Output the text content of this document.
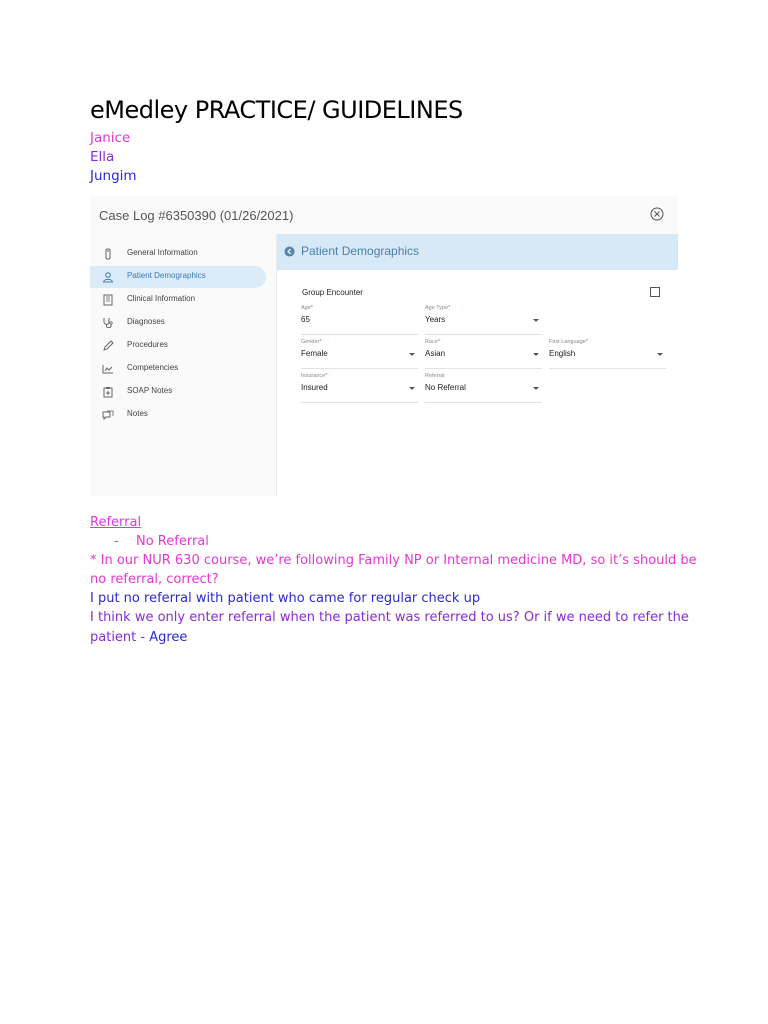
eMedley PRACTICE/ GUIDELINES
Janice
Ella
Jungim
Case Log #6350390 (01/26/2021)
General Information
Patient Demographics
Clinical Information
Diagnoses
Procedures
Competencies
SOAP Notes
Notes
Patient Demographics
Group Encounter
Age*
65
Age Type*
Years
Gender*
Female
Race*
Asian
First Language*
English
Insurance*
Insured
Referral
No Referral
Referral
- No Referral
* In our NUR 630 course, we’re following Family NP or Internal medicine MD, so it’s should be
no referral, correct?
I put no referral with patient who came for regular check up
I think we only enter referral when the patient was referred to us? Or if we need to refer the
patient - Agree
